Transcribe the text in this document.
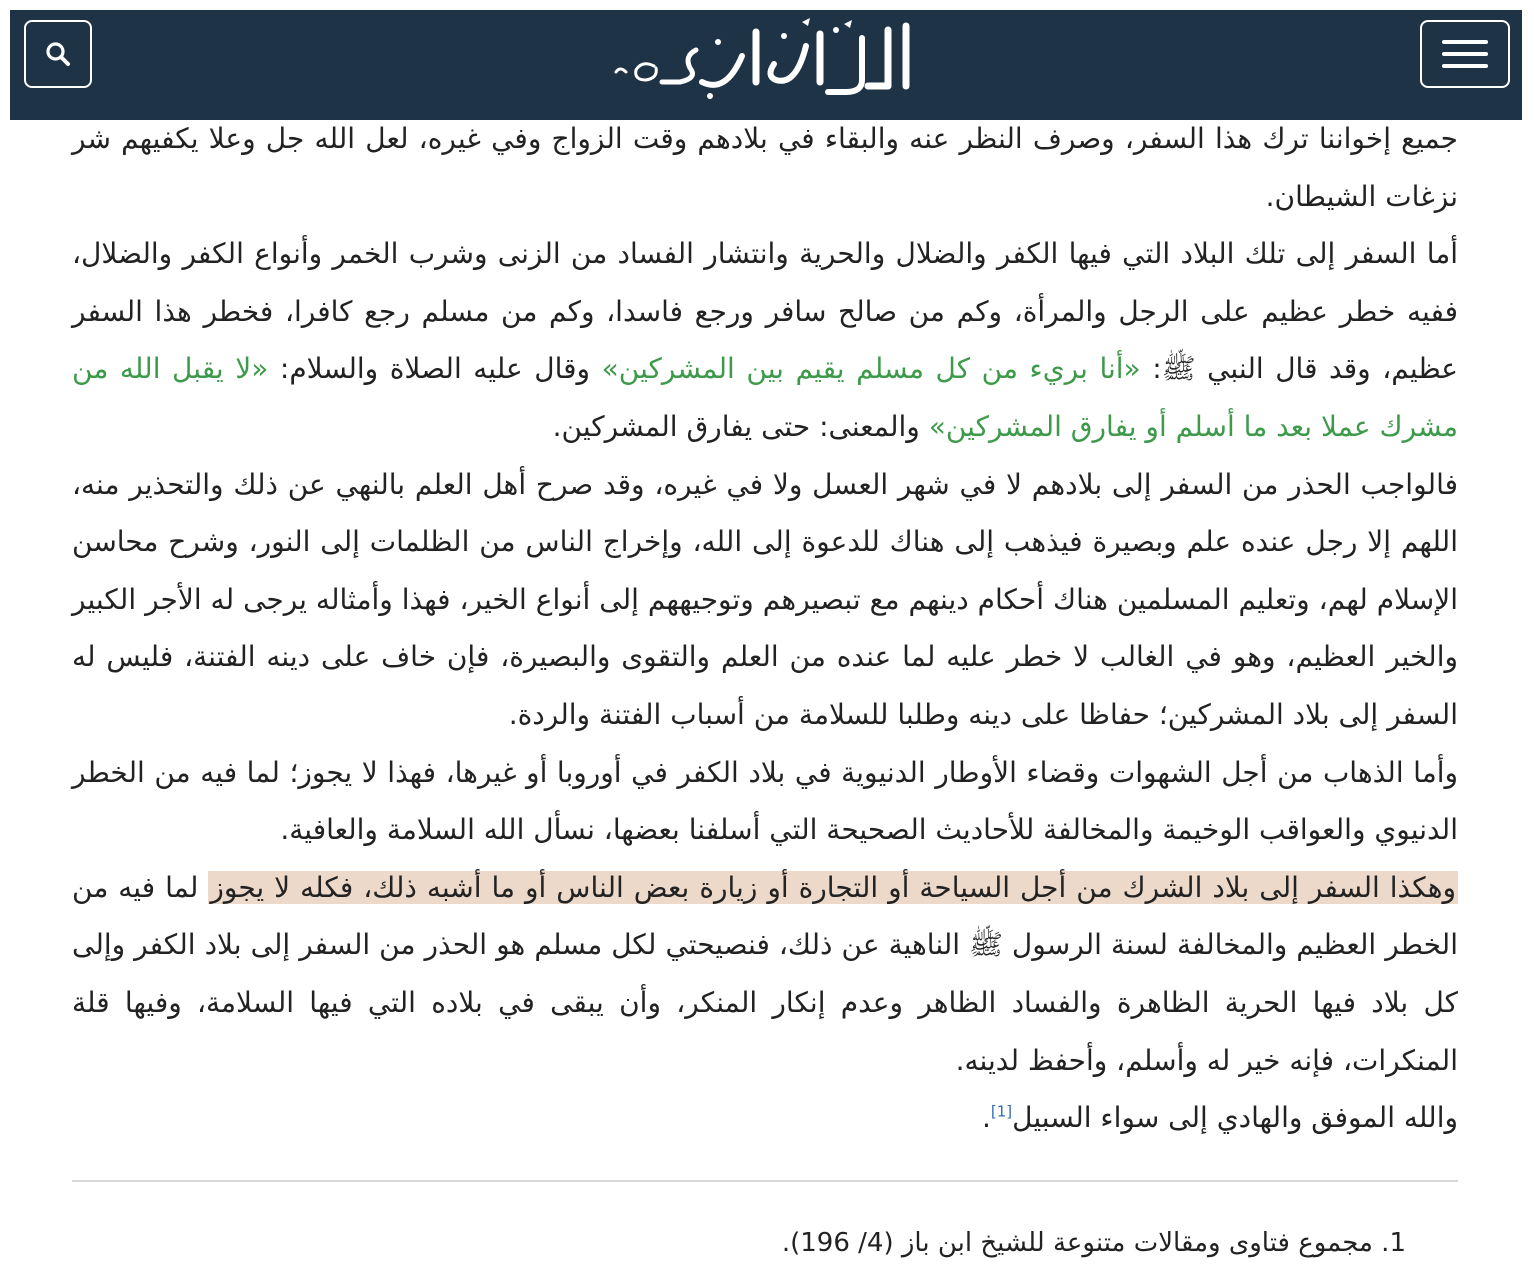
الإمام ابن باز

جميع إخواننا ترك هذا السفر، وصرف النظر عنه والبقاء في بلادهم وقت الزواج وفي غيره، لعل الله جل وعلا يكفيهم شر نزغات الشيطان.

أما السفر إلى تلك البلاد التي فيها الكفر والضلال والحرية وانتشار الفساد من الزنى وشرب الخمر وأنواع الكفر والضلال، ففيه خطر عظيم على الرجل والمرأة، وكم من صالح سافر ورجع فاسدا، وكم من مسلم رجع كافرا، فخطر هذا السفر عظيم، وقد قال النبي ﷺ: «أنا بريء من كل مسلم يقيم بين المشركين» وقال عليه الصلاة والسلام: «لا يقبل الله من مشرك عملا بعد ما أسلم أو يفارق المشركين» والمعنى: حتى يفارق المشركين.

فالواجب الحذر من السفر إلى بلادهم لا في شهر العسل ولا في غيره، وقد صرح أهل العلم بالنهي عن ذلك والتحذير منه، اللهم إلا رجل عنده علم وبصيرة فيذهب إلى هناك للدعوة إلى الله، وإخراج الناس من الظلمات إلى النور، وشرح محاسن الإسلام لهم، وتعليم المسلمين هناك أحكام دينهم مع تبصيرهم وتوجيههم إلى أنواع الخير، فهذا وأمثاله يرجى له الأجر الكبير والخير العظيم، وهو في الغالب لا خطر عليه لما عنده من العلم والتقوى والبصيرة، فإن خاف على دينه الفتنة، فليس له السفر إلى بلاد المشركين؛ حفاظا على دينه وطلبا للسلامة من أسباب الفتنة والردة.

وأما الذهاب من أجل الشهوات وقضاء الأوطار الدنيوية في بلاد الكفر في أوروبا أو غيرها، فهذا لا يجوز؛ لما فيه من الخطر الدنيوي والعواقب الوخيمة والمخالفة للأحاديث الصحيحة التي أسلفنا بعضها، نسأل الله السلامة والعافية.

وهكذا السفر إلى بلاد الشرك من أجل السياحة أو التجارة أو زيارة بعض الناس أو ما أشبه ذلك، فكله لا يجوز لما فيه من الخطر العظيم والمخالفة لسنة الرسول ﷺ الناهية عن ذلك، فنصيحتي لكل مسلم هو الحذر من السفر إلى بلاد الكفر وإلى كل بلاد فيها الحرية الظاهرة والفساد الظاهر وعدم إنكار المنكر، وأن يبقى في بلاده التي فيها السلامة، وفيها قلة المنكرات، فإنه خير له وأسلم، وأحفظ لدينه.

والله الموفق والهادي إلى سواء السبيل[1].

1. مجموع فتاوى ومقالات متنوعة للشيخ ابن باز (4/ 196).
